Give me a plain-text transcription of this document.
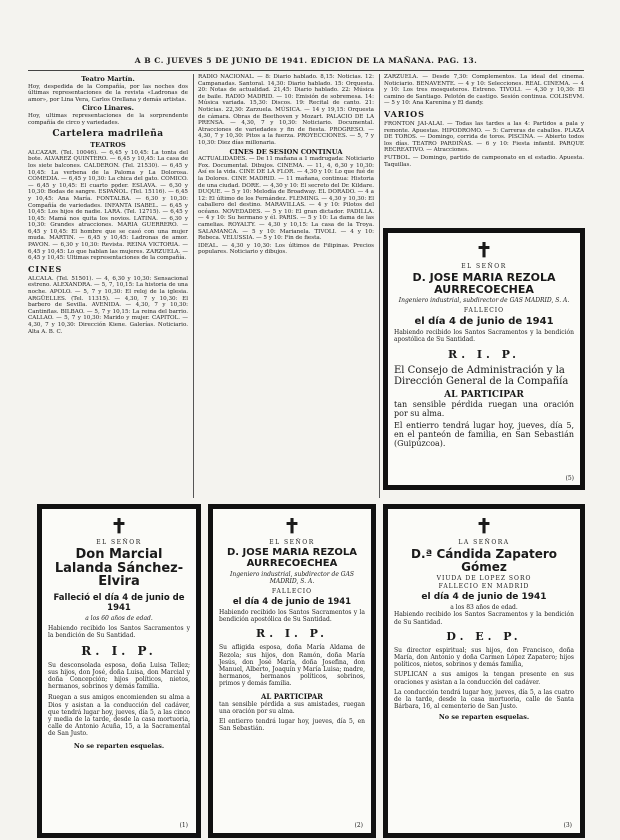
A B C. JUEVES 5 DE JUNIO DE 1941. EDICION DE LA MAÑANA. PAG. 13.
Teatro Martín.

Hoy, despedida de la Compañía, por las noches dos últimas representaciones de la revista «Ladronas de amor», por Lina Vera, Carlos Orellana y demás artistas.

Circo Linares.

Hoy, ultimas representaciones de la sorprendente compañía de circo y variedades.

Cartelera madrileña
TEATROS

ALCAZAR. (Tel. 10046). — 6,45 y 10,45: La tonta del bote. ALVAREZ QUINTERO. — 6,45 y 10,45: La casa de los siete balcones. CALDERON. (Tel. 21530). — 6,45 y 10,45: La verbena de la Paloma y La Dolorosa. COMEDIA. — 6,45 y 10,30: La chica del gato. COMICO. — 6,45 y 10,45: El cuarto poder. ESLAVA. — 6,30 y 10,30: Bodas de sangre. ESPAÑOL. (Tel. 15116). — 6,45 y 10,45: Ana María. FONTALBA. — 6,30 y 10,30: Compañía de variedades. INFANTA ISABEL. — 6,45 y 10,45: Los hijos de nadie. LARA. (Tel. 12715). — 6,45 y 10,45: Mamá nos quita los novios. LATINA. — 6,30 y 10,30: Grandes atracciones. MARIA GUERRERO. — 6,45 y 10,45: El hombre que se casó con una mujer muda. MARTIN. — 6,45 y 10,45: Ladronas de amor. PAVON. — 6,30 y 10,30: Revista. REINA VICTORIA. — 6,45 y 10,45: Lo que hablan las mujeres. ZARZUELA. — 6,45 y 10,45: Ultimas representaciones de la compañía.

CINES

ALCALA. (Tel. 51501). — 4, 6,30 y 10,30: Sensacional estreno. ALEXANDRA. — 5, 7, 10,15: La historia de una noche. APOLO. — 5, 7 y 10,30: El reloj de la iglesia. ARGÜELLES. (Tel. 11315). — 4,30, 7 y 10,30: El barbero de Sevilla. AVENIDA. — 4,30, 7 y 10,30: Cantinflas. BILBAO. — 5, 7 y 10,15: La reina del barrio. CALLAO. — 5, 7 y 10,30: Marido y mujer. CAPITOL. — 4,30, 7 y 10,30: Dirección Kiene. Galerías. Noticiario. Alta A. B. C.

RADIO NACIONAL. — 8: Diario hablado. 8,15: Noticias. 12: Campanadas. Santoral. 14,30: Diario hablado. 15: Orquesta. 20: Notas de actualidad. 21,45: Diario hablado. 22: Música de baile. RADIO MADRID. — 10: Emisión de sobremesa. 14: Música variada. 15,30: Discos. 19: Recital de canto. 21: Noticias. 22,30: Zarzuela. MÚSICA. — 14 y 19,15: Orquesta de cámara. Obras de Beethoven y Mozart. PALACIO DE LA PRENSA. — 4,30, 7 y 10,30: Noticiario. Documental. Atracciones de variedades y fin de fiesta. PROGRESO. — 4,30, 7 y 10,30: Pitos a la fuerza. PROYECCIONES. — 5, 7 y 10,30: Diez días millonaria.

CINES DE SESION CONTINUA

ACTUALIDADES. — De 11 mañana a 1 madrugada: Noticiario Fox. Documental. Dibujos. CINEMA. — 11, 4, 6,30 y 10,30: Así es la vida. CINE DE LA FLOR. — 4,30 y 10: Lo que fué de la Dolores. CINE MADRID. — 11 mañana, continua: Historia de una ciudad. DORE. — 4,30 y 10: El secreto del Dr. Kildare. DUQUE. — 5 y 10: Melodía de Broadway. EL DORADO. — 4 a 12: El último de los Fernández. FLEMING. — 4,30 y 10,30: El caballero del destino. MARAVILLAS. — 4 y 10: Pilotos del océano. NOVEDADES. — 5 y 10: El gran dictador. PADILLA. — 4 y 10: Su hermano y él. PARIS. — 5 y 10: La dama de las camelias. ROYALTY. — 4,30 y 10,15: La casa de la Troya. SALAMANCA. — 5 y 10: Marianela. TIVOLI. — 4 y 10: Rebeca. VELUSSIA. — 5 y 10: Fin de fiesta.

IDEAL. — 4,30 y 10,30: Los últimos de Filipinas. Precios populares. Noticiario y dibujos.

ZARZUELA. — Desde 7,30: Complementos. La ideal del cinema. Noticiario. BENAVENTE. — 4 y 10: Selecciones. REAL CINEMA. — 4 y 10: Los tres mosqueteros. Estreno. TIVOLI. — 4,30 y 10,30: El camino de Santiago. Pelotón de castigo. Sesión continua. COLISEVM. — 5 y 10: Ana Karenina y El dandy.

VARIOS

FRONTON JAI-ALAI. — Todas las tardes a las 4: Partidos a pala y remonte. Apuestas. HIPODROMO. — 5: Carreras de caballos. PLAZA DE TOROS. — Domingo, corrida de toros. PISCINA. — Abierto todos los días. TEATRO PARDIÑAS. — 6 y 10: Fiesta infantil. PARQUE RECREATIVO. — Atracciones.

FUTBOL. — Domingo, partido de campeonato en el estadio. Apuesta. Taquillas.

✝
EL SEÑOR
D. JOSE MARIA REZOLA AURRECOECHEA
Ingeniero industrial, subdirector de GAS MADRID, S. A.
FALLECIO
el día 4 de junio de 1941
Habiendo recibido los Santos Sacramentos y la bendición apostólica de Su Santidad.
R. I. P.
El Consejo de Administración y la Dirección General de la Compañía
AL PARTICIPAR
tan sensible pérdida ruegan una oración por su alma.
El entierro tendrá lugar hoy, jueves, día 5, en el panteón de familia, en San Sebastián (Guipúzcoa).
(5)
✝
EL SEÑOR
Don Marcial Lalanda Sánchez-Elvira
Falleció el día 4 de junio de 1941
a los 60 años de edad.
Habiendo recibido los Santos Sacramentos y la bendición de Su Santidad.
R. I. P.
Su desconsolada esposa, doña Luisa Tellez; sus hijos, don José, doña Luisa, don Marcial y doña Concepción; hijos políticos, nietos, hermanos, sobrinos y demás familia.
Ruegan a sus amigos encomienden su alma a Dios y asistan a la conducción del cadáver, que tendrá lugar hoy, jueves, día 5, a las cinco y media de la tarde, desde la casa mortuoria, calle de Antonio Acuña, 15, a la Sacramental de San Justo.
No se reparten esquelas.
(1)
✝
EL SEÑOR
D. JOSE MARIA REZOLA AURRECOECHEA
Ingeniero industrial, subdirector de GAS MADRID, S. A.
FALLECIO
el día 4 de junio de 1941
Habiendo recibido los Santos Sacramentos y la bendición apostólica de Su Santidad.
R. I. P.
Su afligida esposa, doña María Aldama de Rezola; sus hijos, don Ramón, doña María Jesús, don José María, doña Josefina, don Manuel, Alberto, Joaquín y María Luisa; madre, hermanos, hermanos políticos, sobrinos, primos y demás familia.
AL PARTICIPAR
tan sensible pérdida a sus amistades, ruegan una oración por su alma.
El entierro tendrá lugar hoy, jueves, día 5, en San Sebastián.
(2)
✝
LA SEÑORA
D.ª Cándida Zapatero Gómez
VIUDA DE LOPEZ SORO
FALLECIO EN MADRID
el día 4 de junio de 1941
a los 83 años de edad.
Habiendo recibido los Santos Sacramentos y la bendición de Su Santidad.
D. E. P.
Su director espiritual; sus hijos, don Francisco, doña María, don Antonio y doña Carmen López Zapatero; hijos políticos, nietos, sobrinos y demás familia,
SUPLICAN a sus amigos la tengan presente en sus oraciones y asistan a la conducción del cadáver.
La conducción tendrá lugar hoy, jueves, día 5, a las cuatro de la tarde, desde la casa mortuoria, calle de Santa Bárbara, 16, al cementerio de San Justo.
No se reparten esquelas.
(3)
